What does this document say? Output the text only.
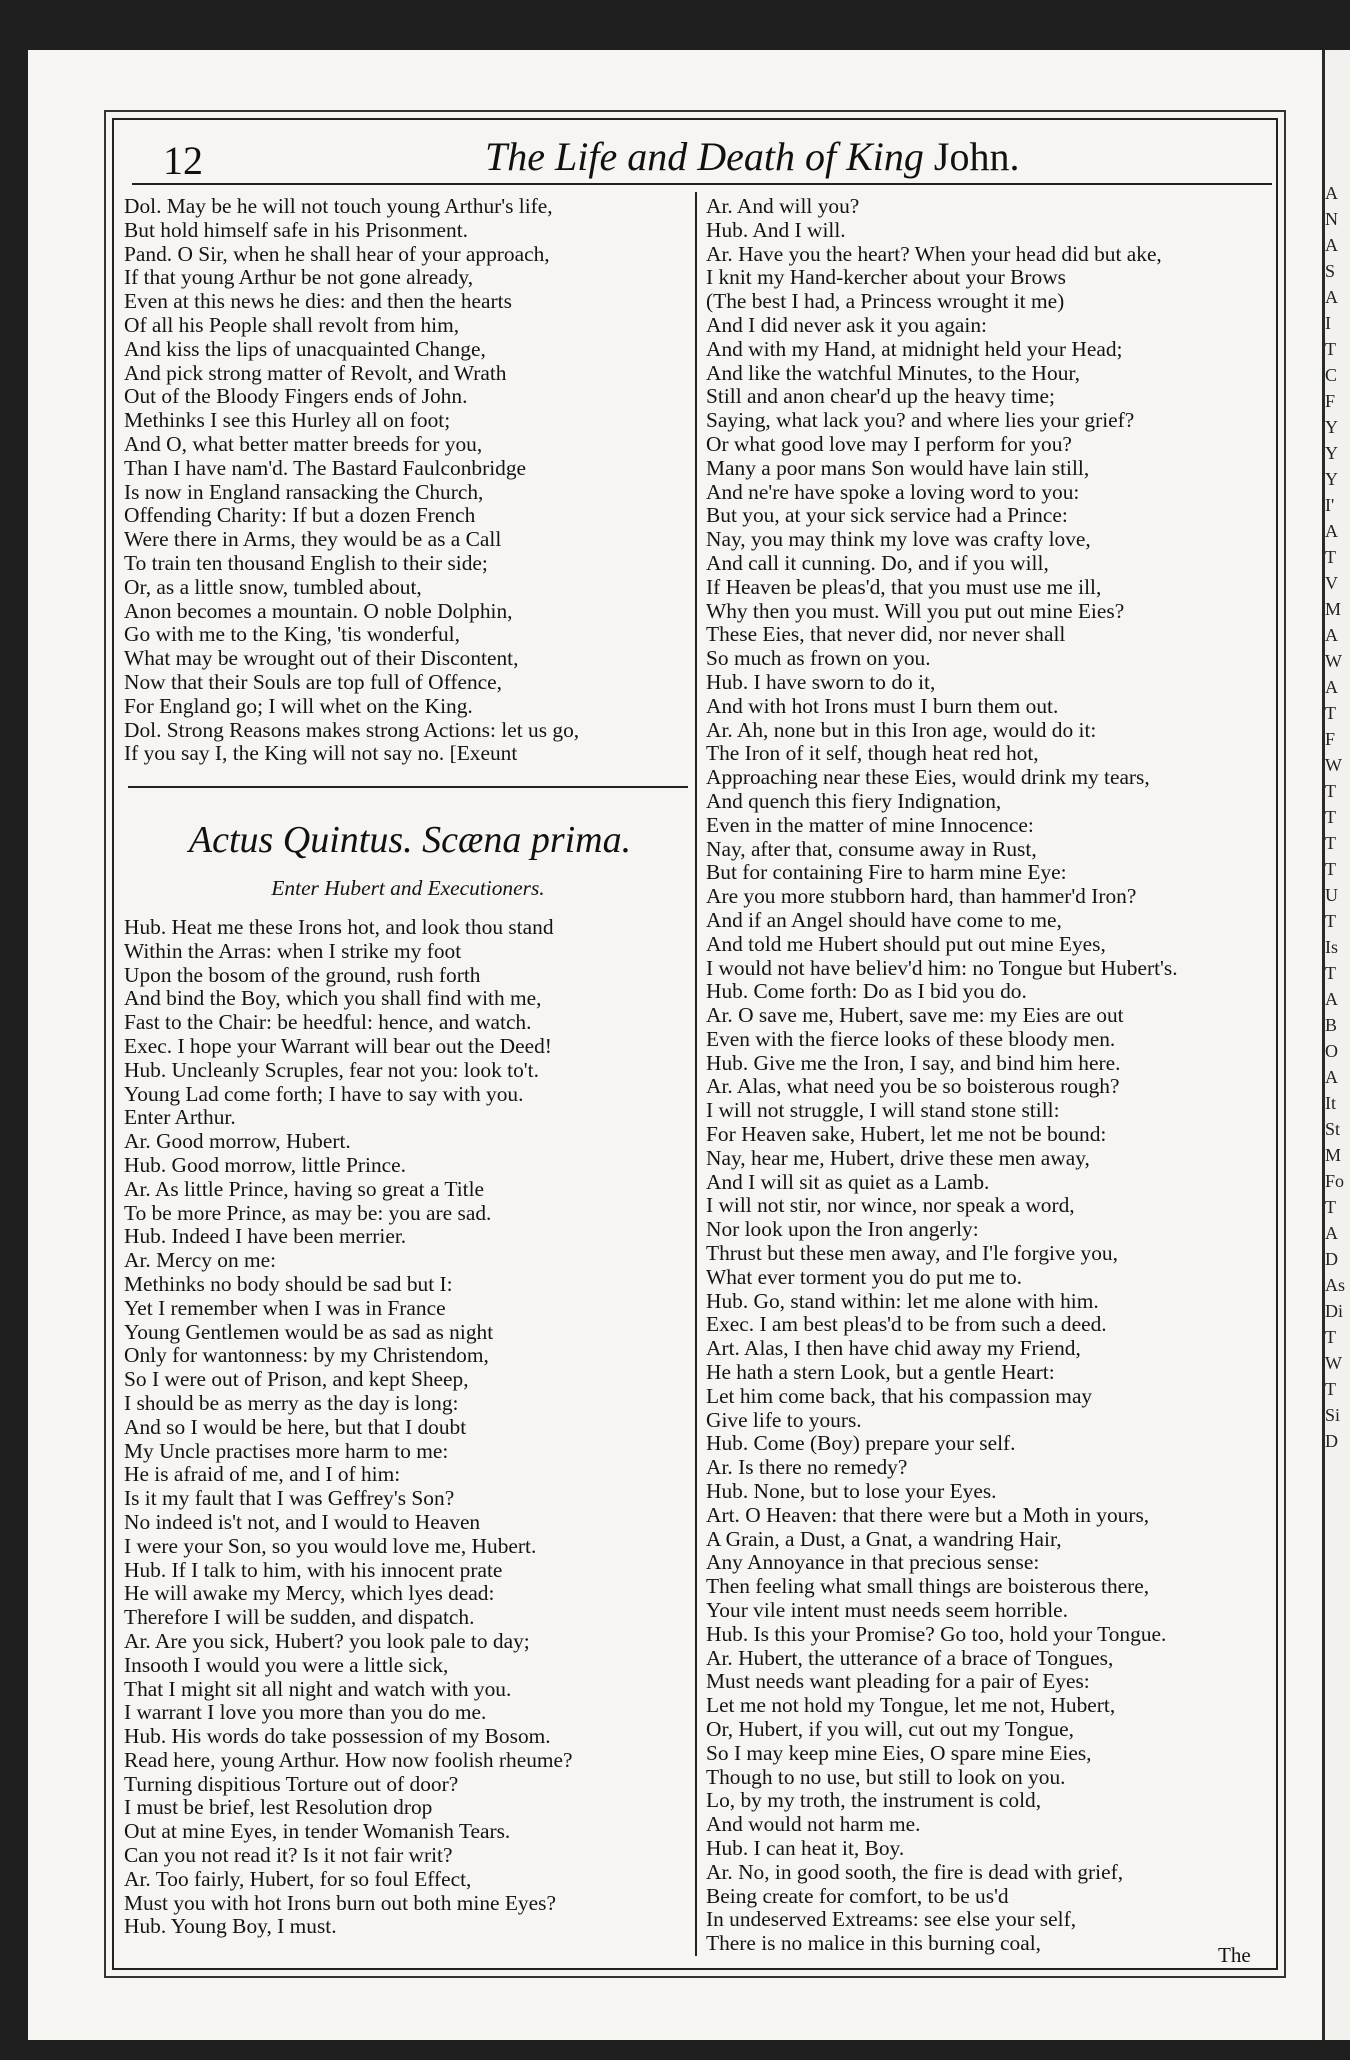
12	The Life and Death of King John.
Dol. May be he will not touch young Arthur's life,
But hold himself safe in his Prisonment.
Pand. O Sir, when he shall hear of your approach,
If that young Arthur be not gone already,
Even at this news he dies: and then the hearts
Of all his People shall revolt from him,
And kiss the lips of unacquainted Change,
And pick strong matter of Revolt, and Wrath
Out of the Bloody Fingers ends of John.
Methinks I see this Hurley all on foot;
And O, what better matter breeds for you,
Than I have nam'd. The Bastard Faulconbridge
Is now in England ransacking the Church,
Offending Charity: If but a dozen French
Were there in Arms, they would be as a Call
To train ten thousand English to their side;
Or, as a little snow, tumbled about,
Anon becomes a mountain. O noble Dolphin,
Go with me to the King, 'tis wonderful,
What may be wrought out of their Discontent,
Now that their Souls are top full of Offence,
For England go; I will whet on the King.
Dol. Strong Reasons makes strong Actions: let us go,
If you say I, the King will not say no. [Exeunt
Actus Quintus. Scæna prima.
Enter Hubert and Executioners.
Hub. Heat me these Irons hot, and look thou stand
Within the Arras: when I strike my foot
Upon the bosom of the ground, rush forth
And bind the Boy, which you shall find with me,
Fast to the Chair: be heedful: hence, and watch.
Exec. I hope your Warrant will bear out the Deed!
Hub. Uncleanly Scruples, fear not you: look to't.
Young Lad come forth; I have to say with you.
Enter Arthur.
Ar. Good morrow, Hubert.
Hub. Good morrow, little Prince.
Ar. As little Prince, having so great a Title
To be more Prince, as may be: you are sad.
Hub. Indeed I have been merrier.
Ar. Mercy on me:
Methinks no body should be sad but I:
Yet I remember when I was in France
Young Gentlemen would be as sad as night
Only for wantonness: by my Christendom,
So I were out of Prison, and kept Sheep,
I should be as merry as the day is long:
And so I would be here, but that I doubt
My Uncle practises more harm to me:
He is afraid of me, and I of him:
Is it my fault that I was Geffrey's Son?
No indeed is't not, and I would to Heaven
I were your Son, so you would love me, Hubert.
Hub. If I talk to him, with his innocent prate
He will awake my Mercy, which lyes dead:
Therefore I will be sudden, and dispatch.
Ar. Are you sick, Hubert? you look pale to day;
Insooth I would you were a little sick,
That I might sit all night and watch with you.
I warrant I love you more than you do me.
Hub. His words do take possession of my Bosom.
Read here, young Arthur. How now foolish rheume?
Turning dispitious Torture out of door?
I must be brief, lest Resolution drop
Out at mine Eyes, in tender Womanish Tears.
Can you not read it? Is it not fair writ?
Ar. Too fairly, Hubert, for so foul Effect,
Must you with hot Irons burn out both mine Eyes?
Hub. Young Boy, I must.
Ar. And will you?
Hub. And I will.
Ar. Have you the heart? When your head did but ake,
I knit my Hand-kercher about your Brows
(The best I had, a Princess wrought it me)
And I did never ask it you again:
And with my Hand, at midnight held your Head;
And like the watchful Minutes, to the Hour,
Still and anon chear'd up the heavy time;
Saying, what lack you? and where lies your grief?
Or what good love may I perform for you?
Many a poor mans Son would have lain still,
And ne're have spoke a loving word to you:
But you, at your sick service had a Prince:
Nay, you may think my love was crafty love,
And call it cunning. Do, and if you will,
If Heaven be pleas'd, that you must use me ill,
Why then you must. Will you put out mine Eies?
These Eies, that never did, nor never shall
So much as frown on you.
Hub. I have sworn to do it,
And with hot Irons must I burn them out.
Ar. Ah, none but in this Iron age, would do it:
The Iron of it self, though heat red hot,
Approaching near these Eies, would drink my tears,
And quench this fiery Indignation,
Even in the matter of mine Innocence:
Nay, after that, consume away in Rust,
But for containing Fire to harm mine Eye:
Are you more stubborn hard, than hammer'd Iron?
And if an Angel should have come to me,
And told me Hubert should put out mine Eyes,
I would not have believ'd him: no Tongue but Hubert's.
Hub. Come forth: Do as I bid you do.
Ar. O save me, Hubert, save me: my Eies are out
Even with the fierce looks of these bloody men.
Hub. Give me the Iron, I say, and bind him here.
Ar. Alas, what need you be so boisterous rough?
I will not struggle, I will stand stone still:
For Heaven sake, Hubert, let me not be bound:
Nay, hear me, Hubert, drive these men away,
And I will sit as quiet as a Lamb.
I will not stir, nor wince, nor speak a word,
Nor look upon the Iron angerly:
Thrust but these men away, and I'le forgive you,
What ever torment you do put me to.
Hub. Go, stand within: let me alone with him.
Exec. I am best pleas'd to be from such a deed.
Art. Alas, I then have chid away my Friend,
He hath a stern Look, but a gentle Heart:
Let him come back, that his compassion may
Give life to yours.
Hub. Come (Boy) prepare your self.
Ar. Is there no remedy?
Hub. None, but to lose your Eyes.
Art. O Heaven: that there were but a Moth in yours,
A Grain, a Dust, a Gnat, a wandring Hair,
Any Annoyance in that precious sense:
Then feeling what small things are boisterous there,
Your vile intent must needs seem horrible.
Hub. Is this your Promise? Go too, hold your Tongue.
Ar. Hubert, the utterance of a brace of Tongues,
Must needs want pleading for a pair of Eyes:
Let me not hold my Tongue, let me not, Hubert,
Or, Hubert, if you will, cut out my Tongue,
So I may keep mine Eies, O spare mine Eies,
Though to no use, but still to look on you.
Lo, by my troth, the instrument is cold,
And would not harm me.
Hub. I can heat it, Boy.
Ar. No, in good sooth, the fire is dead with grief,
Being create for comfort, to be us'd
In undeserved Extreams: see else your self,
There is no malice in this burning coal,	The
A
N
A
S
A
I
T
C
F
Y
Y
Y
I'
A
T
V
M
A
W
A
T
F
W
T
T
T
T
U
T
Is
T
A
B
O
A
It
St
M
Fo
T
A
D
As
Di
T
W
T
Si
D
